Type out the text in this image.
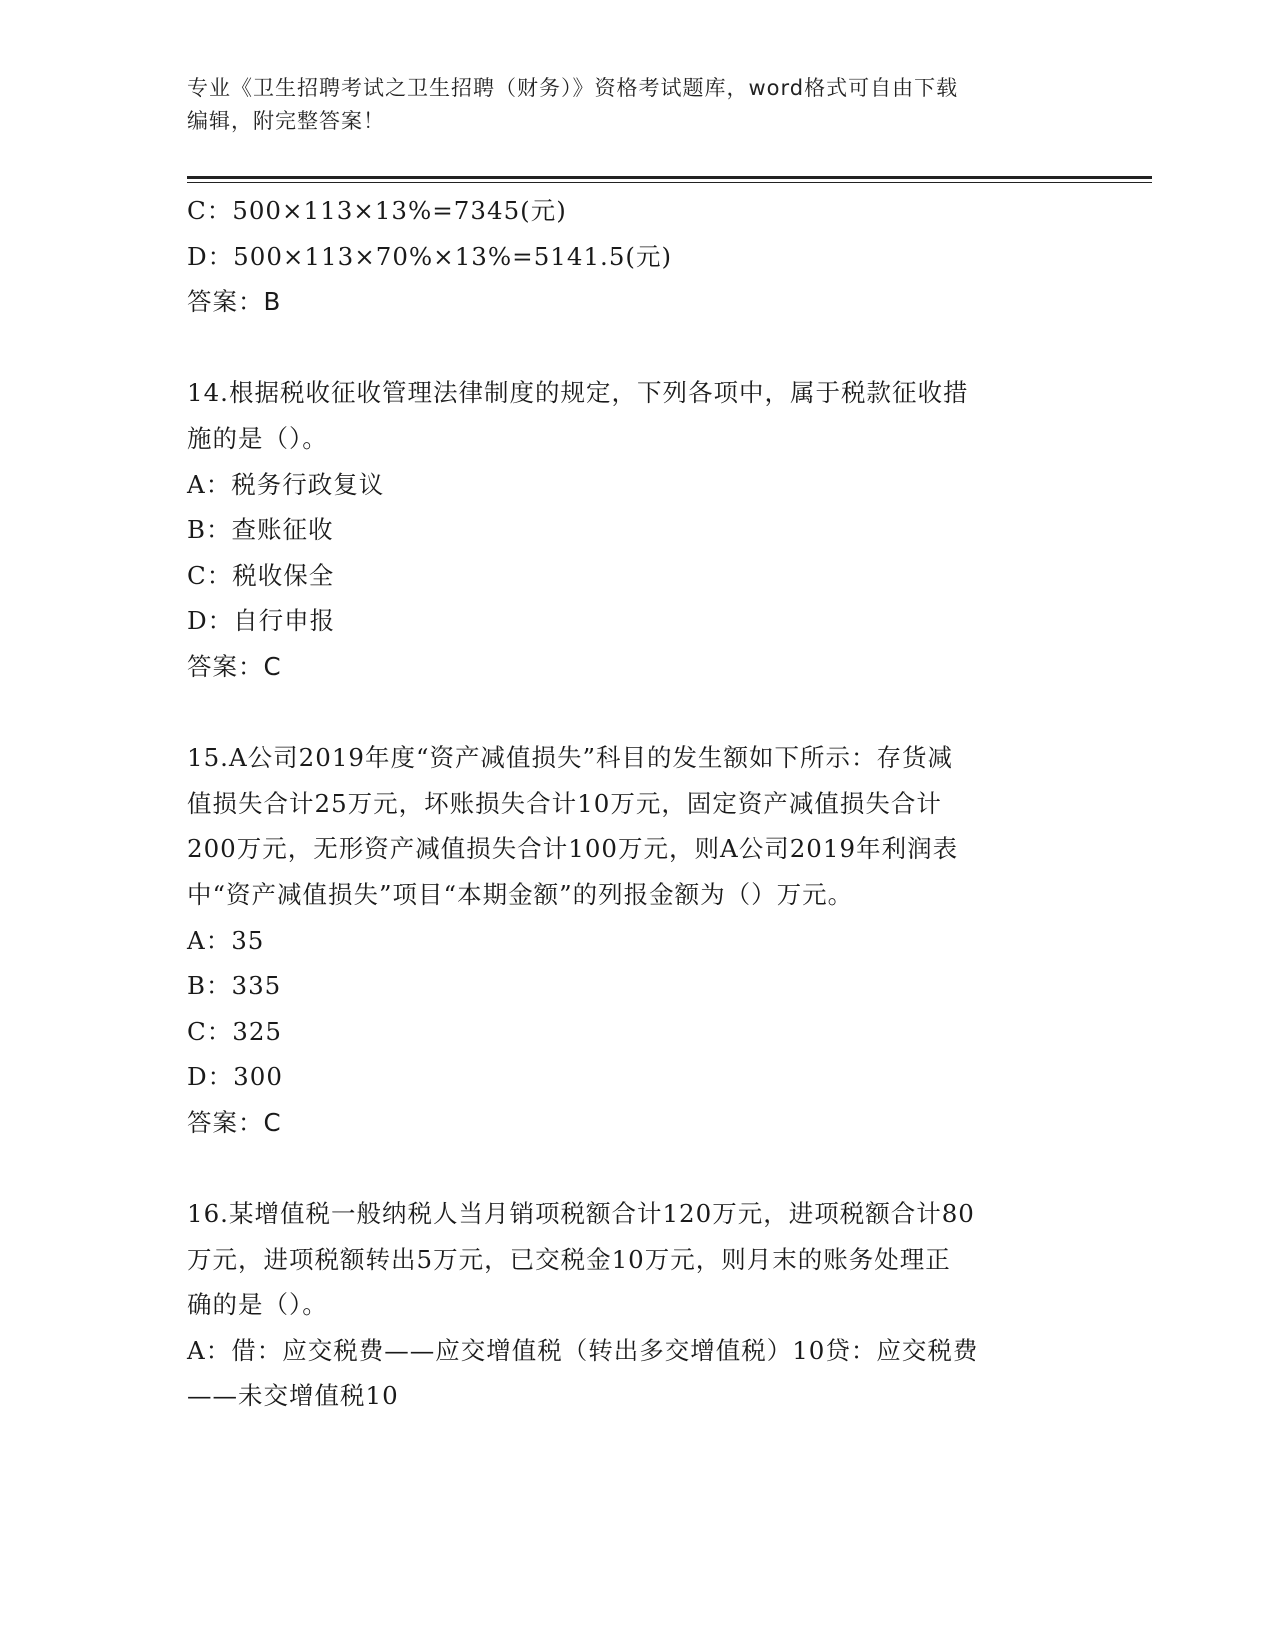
专业《卫生招聘考试之卫生招聘（财务）》资格考试题库，word格式可自由下载
编辑，附完整答案！
C：500×113×13%=7345(元)
D：500×113×70%×13%=5141.5(元)
答案：B
14.根据税收征收管理法律制度的规定，下列各项中，属于税款征收措
施的是（）。
A：税务行政复议
B：查账征收
C：税收保全
D：自行申报
答案：C
15.A公司2019年度“资产减值损失”科目的发生额如下所示：存货减
值损失合计25万元，坏账损失合计10万元，固定资产减值损失合计
200万元，无形资产减值损失合计100万元，则A公司2019年利润表
中“资产减值损失”项目“本期金额”的列报金额为（）万元。
A：35
B：335
C：325
D：300
答案：C
16.某增值税一般纳税人当月销项税额合计120万元，进项税额合计80
万元，进项税额转出5万元，已交税金10万元，则月末的账务处理正
确的是（）。
A：借：应交税费——应交增值税（转出多交增值税）10贷：应交税费
——未交增值税10
